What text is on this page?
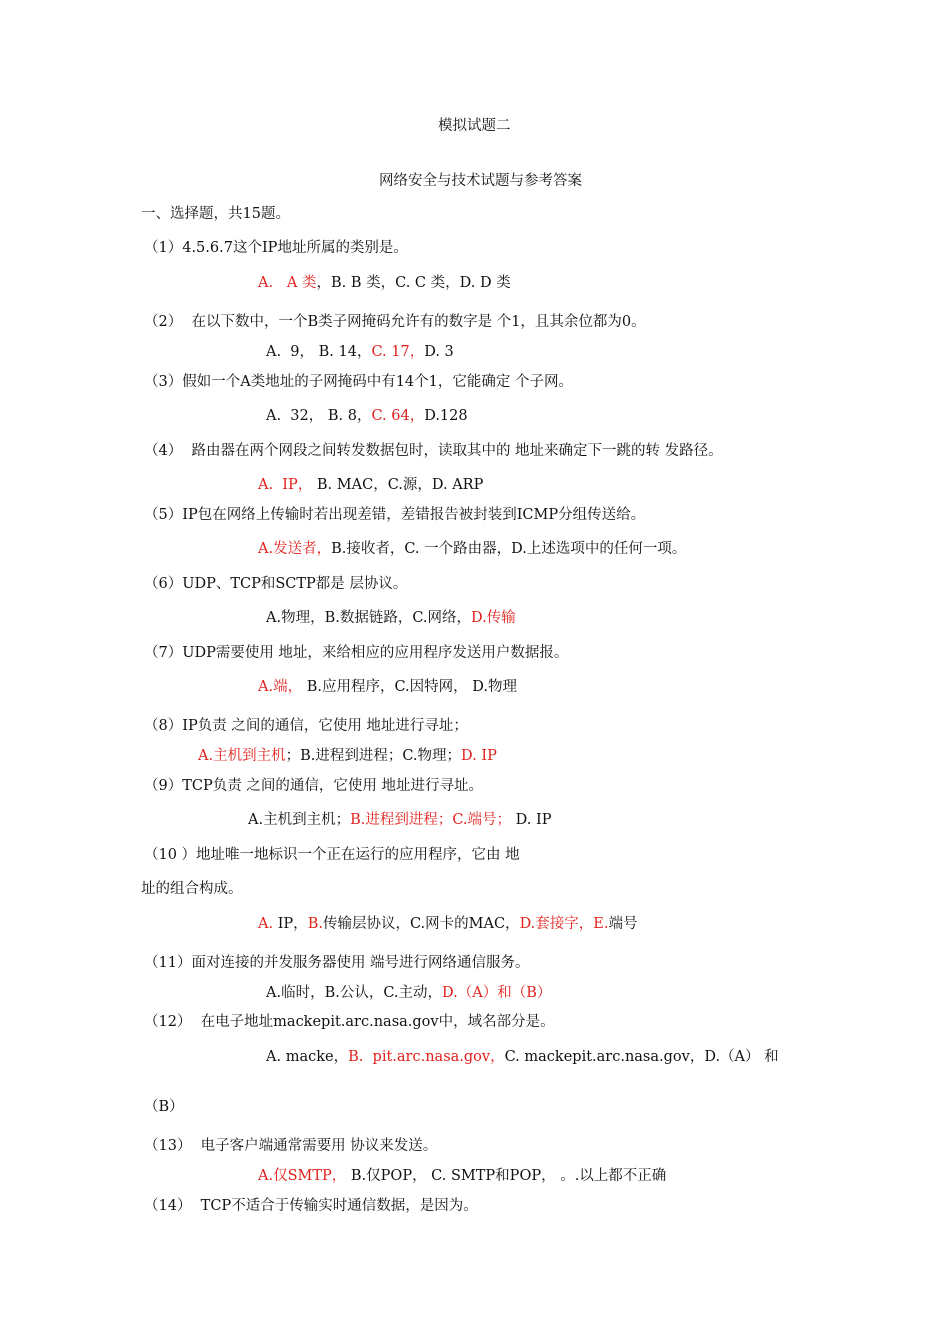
模拟试题二
网络安全与技术试题与参考答案
一、选择题，共15题。
（1）4.5.6.7这个IP地址所属的类别是。
A.   A 类，B. B 类，C. C 类，D. D 类
（2）  在以下数中，一个B类子网掩码允许有的数字是 个1，且其余位都为0。
A.  9， B. 14，C. 17，D. 3
（3）假如一个A类地址的子网掩码中有14个1，它能确定 个子网。
A.  32， B. 8，C. 64，D.128
（4）  路由器在两个网段之间转发数据包时，读取其中的 地址来确定下一跳的转 发路径。
A.  IP， B. MAC，C.源，D. ARP
（5）IP包在网络上传输时若出现差错，差错报告被封装到ICMP分组传送给。
A.发送者，B.接收者，C. 一个路由器，D.上述选项中的任何一项。
（6）UDP、TCP和SCTP都是 层协议。
A.物理，B.数据链路，C.网络，D.传输
（7）UDP需要使用 地址，来给相应的应用程序发送用户数据报。
A.端， B.应用程序，C.因特网， D.物理
（8）IP负责 之间的通信，它使用 地址进行寻址；
A.主机到主机；B.进程到进程；C.物理；D. IP
（9）TCP负责 之间的通信，它使用 地址进行寻址。
A.主机到主机；B.进程到进程；C.端号； D. IP
（10 ）地址唯一地标识一个正在运行的应用程序，它由 地
址的组合构成。
A. IP，B.传输层协议，C.网卡的MAC，D.套接字，E.端号
（11）面对连接的并发服务器使用 端号进行网络通信服务。
A.临时，B.公认，C.主动，D.（A）和（B）
（12）  在电子地址mackepit.arc.nasa.gov中，域名部分是。
A. macke，B.  pit.arc.nasa.gov，C. mackepit.arc.nasa.gov，D.（A） 和
（B）
（13）  电子客户端通常需要用 协议来发送。
A.仅SMTP， B.仅POP， C. SMTP和POP， 。.以上都不正确
（14）  TCP不适合于传输实时通信数据，是因为。
